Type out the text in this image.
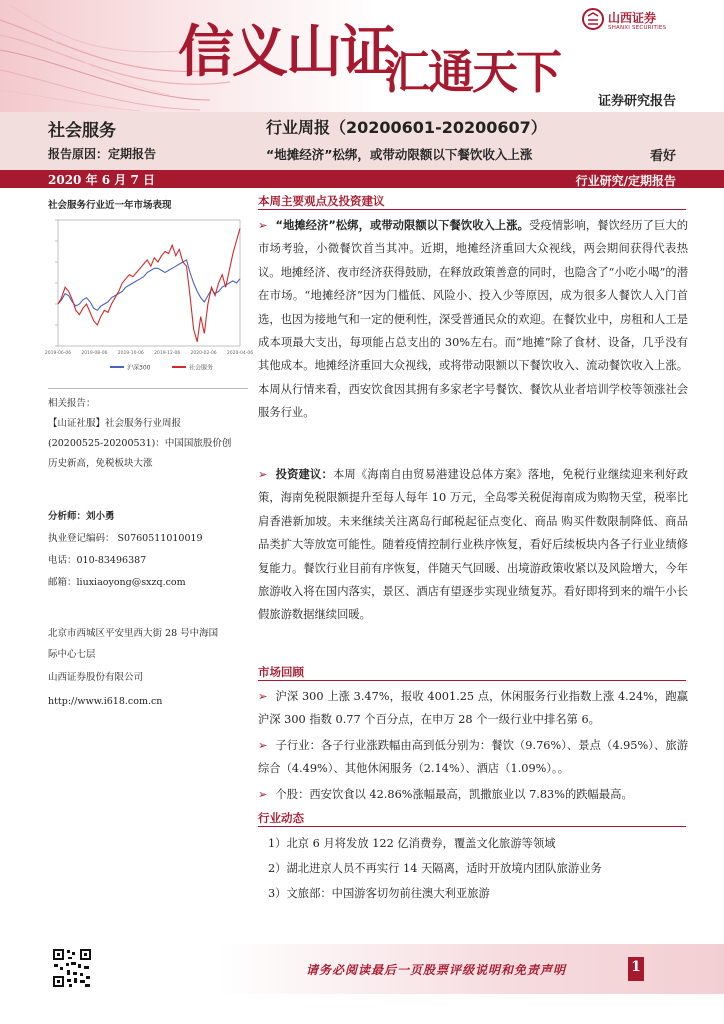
信义山证
汇通天下
山西证券
SHANXI SECURITIES
证券研究报告
社会服务
报告原因：定期报告
行业周报（20200601-20200607）
“地摊经济”松绑，或带动限额以下餐饮收入上涨	看好
2020 年 6 月 7 日	行业研究/定期报告
社会服务行业近一年市场表现
2019-06-06 2019-08-06 2019-10-06 2019-12-06 2020-02-06 2020-04-06
沪深300	社会服务
相关报告：
【山证社服】社会服务行业周报
(20200525-20200531)：中国国旅股价创
历史新高，免税板块大涨
分析师：刘小勇
执业登记编码： S0760511010019
电话：010-83496387
邮箱：liuxiaoyong@sxzq.com
北京市西城区平安里西大街 28 号中海国
际中心七层
山西证券股份有限公司
http://www.i618.com.cn
本周主要观点及投资建议
➢ “地摊经济”松绑，或带动限额以下餐饮收入上涨。受疫情影响，餐饮经历了巨大的市场考验，小微餐饮首当其冲。近期，地摊经济重回大众视线，两会期间获得代表热议。地摊经济、夜市经济获得鼓励，在释放政策善意的同时，也隐含了“小吃小喝”的潜在市场。“地摊经济”因为门槛低、风险小、投入少等原因，成为很多人餐饮人入门首选，也因为接地气和一定的便利性，深受普通民众的欢迎。在餐饮业中，房租和人工是成本项最大支出，每项能占总支出的 30%左右。而“地摊”除了食材、设备，几乎没有其他成本。地摊经济重回大众视线，或将带动限额以下餐饮收入、流动餐饮收入上涨。本周从行情来看，西安饮食因其拥有多家老字号餐饮、餐饮从业者培训学校等领涨社会服务行业。
➢ 投资建议：本周《海南自由贸易港建设总体方案》落地，免税行业继续迎来利好政策，海南免税限额提升至每人每年 10 万元，全岛零关税促海南成为购物天堂，税率比肩香港新加坡。未来继续关注离岛行邮税起征点变化、商品 购买件数限制降低、商品品类扩大等放宽可能性。随着疫情控制行业秩序恢复，看好后续板块内各子行业业绩修复能力。餐饮行业目前有序恢复，伴随天气回暖、出境游政策收紧以及风险增大，今年旅游收入将在国内落实，景区、酒店有望逐步实现业绩复苏。看好即将到来的端午小长假旅游数据继续回暖。
市场回顾
➢ 沪深 300 上涨 3.47%，报收 4001.25 点，休闲服务行业指数上涨 4.24%，跑赢沪深 300 指数 0.77 个百分点，在申万 28 个一级行业中排名第 6。
➢ 子行业：各子行业涨跌幅由高到低分别为：餐饮（9.76%）、景点（4.95%）、旅游综合（4.49%）、其他休闲服务（2.14%）、酒店（1.09%）。。
➢ 个股：西安饮食以 42.86%涨幅最高，凯撒旅业以 7.83%的跌幅最高。
行业动态
1）北京 6 月将发放 122 亿消费券，覆盖文化旅游等领域
2）湖北进京人员不再实行 14 天隔离，适时开放境内团队旅游业务
3）文旅部：中国游客切勿前往澳大利亚旅游
请务必阅读最后一页股票评级说明和免责声明	1
